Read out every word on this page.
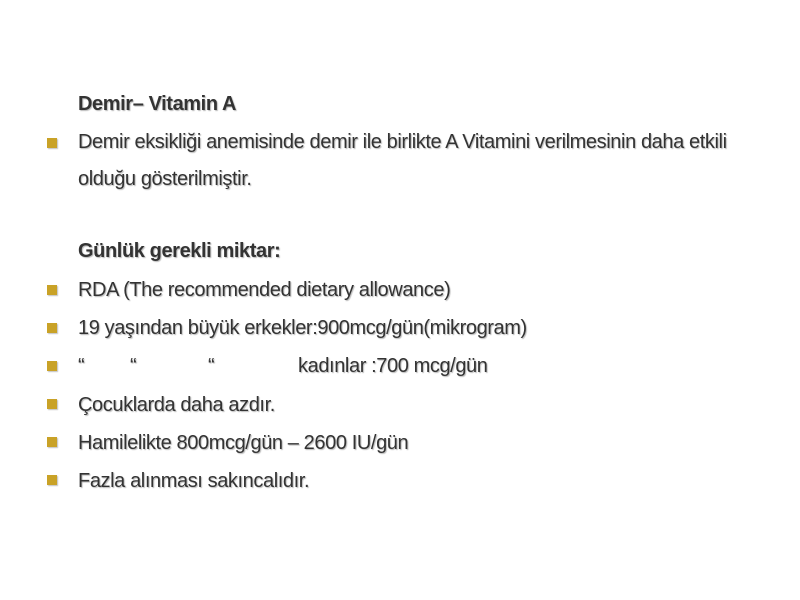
Demir– Vitamin A
Demir eksikliği anemisinde demir ile birlikte A Vitamini verilmesinin daha etkili olduğu gösterilmiştir.
Günlük gerekli miktar:
RDA (The recommended dietary allowance)
19 yaşından büyük erkekler:900mcg/gün(mikrogram)
“ “	“	kadınlar :700 mcg/gün
Çocuklarda daha azdır.
Hamilelikte 800mcg/gün – 2600 IU/gün
Fazla alınması sakıncalıdır.
